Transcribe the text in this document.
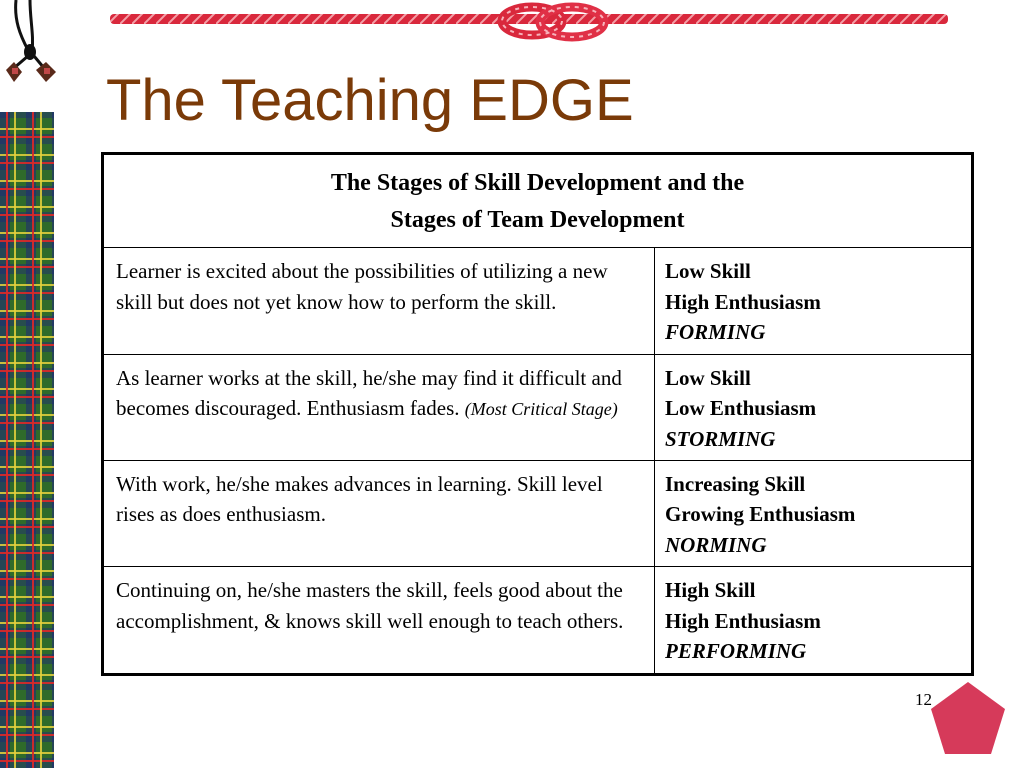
The Teaching EDGE
The Stages of Skill Development and the
Stages of Team Development	
Learner is excited about the possibilities of utilizing a new skill but does not yet know how to perform the skill.	Low Skill
High Enthusiasm
FORMING
As learner works at the skill, he/she may find it difficult and becomes discouraged. Enthusiasm fades. (Most Critical Stage)	Low Skill
Low Enthusiasm
STORMING
With work, he/she makes advances in learning. Skill level rises as does enthusiasm.	Increasing Skill
Growing Enthusiasm
NORMING
Continuing on, he/she masters the skill, feels good about the accomplishment, & knows skill well enough to teach others.	High Skill
High Enthusiasm
PERFORMING
12
